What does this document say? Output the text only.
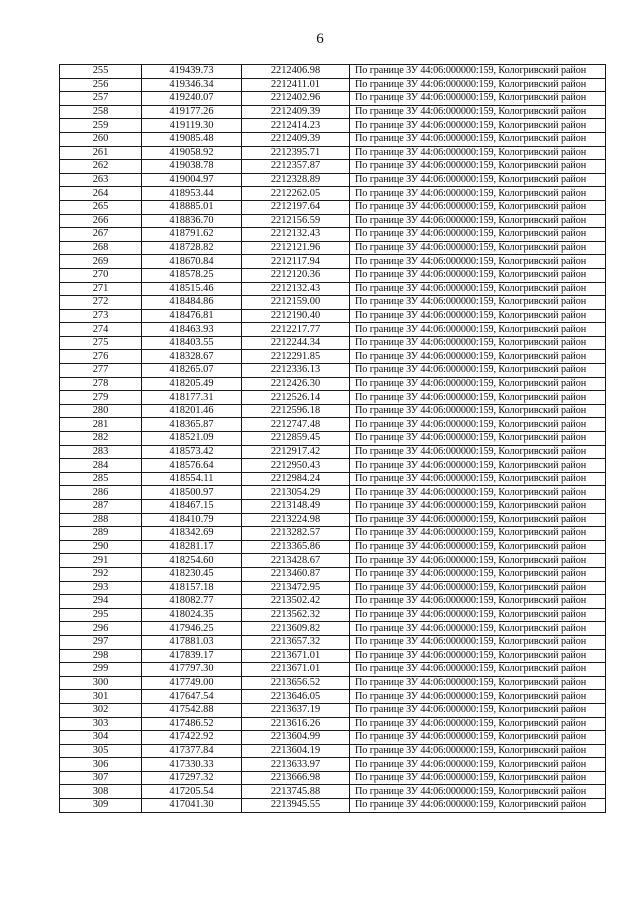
6
255	419439.73	2212406.98	По границе ЗУ 44:06:000000:159, Кологривский район
256	419346.34	2212411.01	По границе ЗУ 44:06:000000:159, Кологривский район
257	419240.07	2212402.96	По границе ЗУ 44:06:000000:159, Кологривский район
258	419177.26	2212409.39	По границе ЗУ 44:06:000000:159, Кологривский район
259	419119.30	2212414.23	По границе ЗУ 44:06:000000:159, Кологривский район
260	419085.48	2212409.39	По границе ЗУ 44:06:000000:159, Кологривский район
261	419058.92	2212395.71	По границе ЗУ 44:06:000000:159, Кологривский район
262	419038.78	2212357.87	По границе ЗУ 44:06:000000:159, Кологривский район
263	419004.97	2212328.89	По границе ЗУ 44:06:000000:159, Кологривский район
264	418953.44	2212262.05	По границе ЗУ 44:06:000000:159, Кологривский район
265	418885.01	2212197.64	По границе ЗУ 44:06:000000:159, Кологривский район
266	418836.70	2212156.59	По границе ЗУ 44:06:000000:159, Кологривский район
267	418791.62	2212132.43	По границе ЗУ 44:06:000000:159, Кологривский район
268	418728.82	2212121.96	По границе ЗУ 44:06:000000:159, Кологривский район
269	418670.84	2212117.94	По границе ЗУ 44:06:000000:159, Кологривский район
270	418578.25	2212120.36	По границе ЗУ 44:06:000000:159, Кологривский район
271	418515.46	2212132.43	По границе ЗУ 44:06:000000:159, Кологривский район
272	418484.86	2212159.00	По границе ЗУ 44:06:000000:159, Кологривский район
273	418476.81	2212190.40	По границе ЗУ 44:06:000000:159, Кологривский район
274	418463.93	2212217.77	По границе ЗУ 44:06:000000:159, Кологривский район
275	418403.55	2212244.34	По границе ЗУ 44:06:000000:159, Кологривский район
276	418328.67	2212291.85	По границе ЗУ 44:06:000000:159, Кологривский район
277	418265.07	2212336.13	По границе ЗУ 44:06:000000:159, Кологривский район
278	418205.49	2212426.30	По границе ЗУ 44:06:000000:159, Кологривский район
279	418177.31	2212526.14	По границе ЗУ 44:06:000000:159, Кологривский район
280	418201.46	2212596.18	По границе ЗУ 44:06:000000:159, Кологривский район
281	418365.87	2212747.48	По границе ЗУ 44:06:000000:159, Кологривский район
282	418521.09	2212859.45	По границе ЗУ 44:06:000000:159, Кологривский район
283	418573.42	2212917.42	По границе ЗУ 44:06:000000:159, Кологривский район
284	418576.64	2212950.43	По границе ЗУ 44:06:000000:159, Кологривский район
285	418554.11	2212984.24	По границе ЗУ 44:06:000000:159, Кологривский район
286	418500.97	2213054.29	По границе ЗУ 44:06:000000:159, Кологривский район
287	418467.15	2213148.49	По границе ЗУ 44:06:000000:159, Кологривский район
288	418410.79	2213224.98	По границе ЗУ 44:06:000000:159, Кологривский район
289	418342.69	2213282.57	По границе ЗУ 44:06:000000:159, Кологривский район
290	418281.17	2213365.86	По границе ЗУ 44:06:000000:159, Кологривский район
291	418254.60	2213428.67	По границе ЗУ 44:06:000000:159, Кологривский район
292	418230.45	2213460.87	По границе ЗУ 44:06:000000:159, Кологривский район
293	418157.18	2213472.95	По границе ЗУ 44:06:000000:159, Кологривский район
294	418082.77	2213502.42	По границе ЗУ 44:06:000000:159, Кологривский район
295	418024.35	2213562.32	По границе ЗУ 44:06:000000:159, Кологривский район
296	417946.25	2213609.82	По границе ЗУ 44:06:000000:159, Кологривский район
297	417881.03	2213657.32	По границе ЗУ 44:06:000000:159, Кологривский район
298	417839.17	2213671.01	По границе ЗУ 44:06:000000:159, Кологривский район
299	417797.30	2213671.01	По границе ЗУ 44:06:000000:159, Кологривский район
300	417749.00	2213656.52	По границе ЗУ 44:06:000000:159, Кологривский район
301	417647.54	2213646.05	По границе ЗУ 44:06:000000:159, Кологривский район
302	417542.88	2213637.19	По границе ЗУ 44:06:000000:159, Кологривский район
303	417486.52	2213616.26	По границе ЗУ 44:06:000000:159, Кологривский район
304	417422.92	2213604.99	По границе ЗУ 44:06:000000:159, Кологривский район
305	417377.84	2213604.19	По границе ЗУ 44:06:000000:159, Кологривский район
306	417330.33	2213633.97	По границе ЗУ 44:06:000000:159, Кологривский район
307	417297.32	2213666.98	По границе ЗУ 44:06:000000:159, Кологривский район
308	417205.54	2213745.88	По границе ЗУ 44:06:000000:159, Кологривский район
309	417041.30	2213945.55	По границе ЗУ 44:06:000000:159, Кологривский район
